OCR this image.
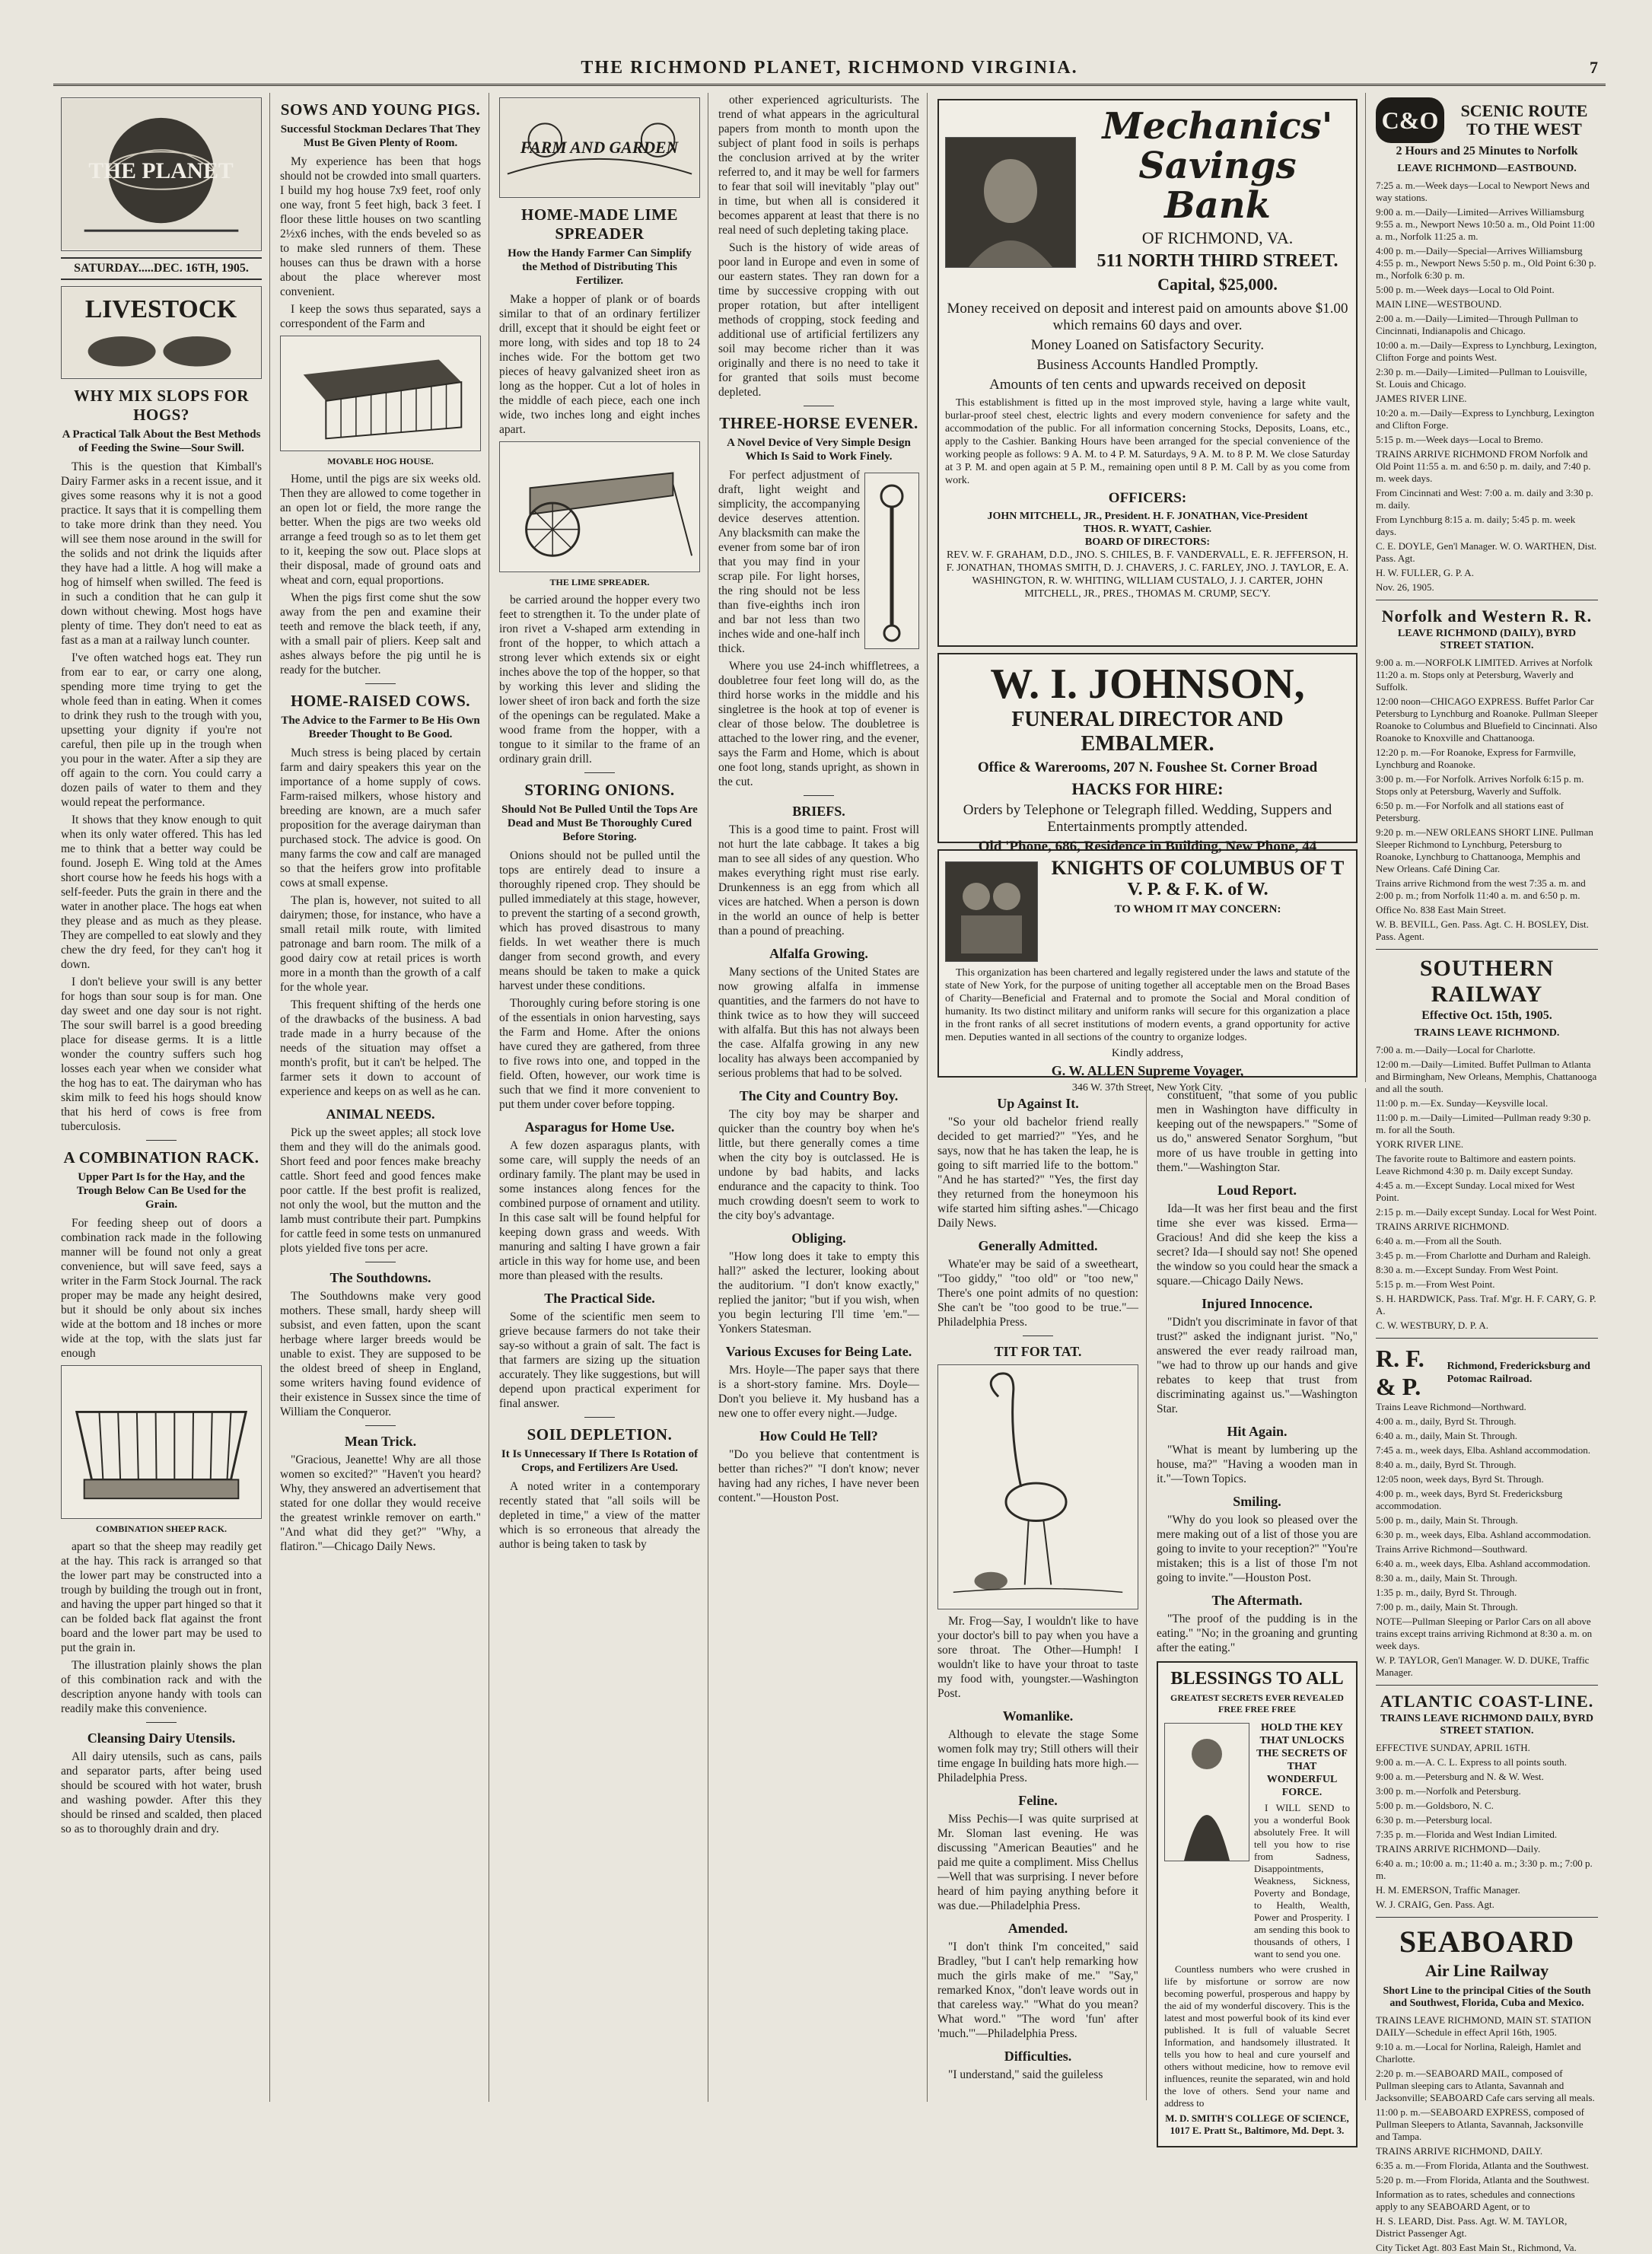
THE RICHMOND PLANET, RICHMOND VIRGINIA.	7
THE PLANET
SATURDAY.....DEC. 16TH, 1905.
LIVESTOCK
WHY MIX SLOPS FOR HOGS?
A Practical Talk About the Best Methods of Feeding the Swine—Sour Swill.

This is the question that Kimball's Dairy Farmer asks in a recent issue, and it gives some reasons why it is not a good practice. It says that it is compelling them to take more drink than they need. You will see them nose around in the swill for the solids and not drink the liquids after they have had a little. A hog will make a hog of himself when swilled. The feed is in such a condition that he can gulp it down without chewing. Most hogs have plenty of time. They don't need to eat as fast as a man at a railway lunch counter.

I've often watched hogs eat. They run from ear to ear, or carry one along, spending more time trying to get the whole feed than in eating. When it comes to drink they rush to the trough with you, upsetting your dignity if you're not careful, then pile up in the trough when you pour in the water. After a sip they are off again to the corn. You could carry a dozen pails of water to them and they would repeat the performance.

It shows that they know enough to quit when its only water offered. This has led me to think that a better way could be found. Joseph E. Wing told at the Ames short course how he feeds his hogs with a self-feeder. Puts the grain in there and the water in another place. The hogs eat when they please and as much as they please. They are compelled to eat slowly and they chew the dry feed, for they can't hog it down.

I don't believe your swill is any better for hogs than sour soup is for man. One day sweet and one day sour is not right. The sour swill barrel is a good breeding place for disease germs. It is a little wonder the country suffers such hog losses each year when we consider what the hog has to eat. The dairyman who has skim milk to feed his hogs should know that his herd of cows is free from tuberculosis.

A COMBINATION RACK.
Upper Part Is for the Hay, and the Trough Below Can Be Used for the Grain.

For feeding sheep out of doors a combination rack made in the following manner will be found not only a great convenience, but will save feed, says a writer in the Farm Stock Journal. The rack proper may be made any height desired, but it should be only about six inches wide at the bottom and 18 inches or more wide at the top, with the slats just far enough

COMBINATION SHEEP RACK.

apart so that the sheep may readily get at the hay. This rack is arranged so that the lower part may be constructed into a trough by building the trough out in front, and having the upper part hinged so that it can be folded back flat against the front board and the lower part may be used to put the grain in.

The illustration plainly shows the plan of this combination rack and with the description anyone handy with tools can readily make this convenience.

Cleansing Dairy Utensils.

All dairy utensils, such as cans, pails and separator parts, after being used should be scoured with hot water, brush and washing powder. After this they should be rinsed and scalded, then placed so as to thoroughly drain and dry.

SOWS AND YOUNG PIGS.
Successful Stockman Declares That They Must Be Given Plenty of Room.

My experience has been that hogs should not be crowded into small quarters. I build my hog house 7x9 feet, roof only one way, front 5 feet high, back 3 feet. I floor these little houses on two scantling 2½x6 inches, with the ends beveled so as to make sled runners of them. These houses can thus be drawn with a horse about the place wherever most convenient.

I keep the sows thus separated, says a correspondent of the Farm and

MOVABLE HOG HOUSE.

Home, until the pigs are six weeks old. Then they are allowed to come together in an open lot or field, the more range the better. When the pigs are two weeks old arrange a feed trough so as to let them get to it, keeping the sow out. Place slops at their disposal, made of ground oats and wheat and corn, equal proportions.

When the pigs first come shut the sow away from the pen and examine their teeth and remove the black teeth, if any, with a small pair of pliers. Keep salt and ashes always before the pig until he is ready for the butcher.

HOME-RAISED COWS.
The Advice to the Farmer to Be His Own Breeder Thought to Be Good.

Much stress is being placed by certain farm and dairy speakers this year on the importance of a home supply of cows. Farm-raised milkers, whose history and breeding are known, are a much safer proposition for the average dairyman than purchased stock. The advice is good. On many farms the cow and calf are managed so that the heifers grow into profitable cows at small expense.

The plan is, however, not suited to all dairymen; those, for instance, who have a small retail milk route, with limited patronage and barn room. The milk of a good dairy cow at retail prices is worth more in a month than the growth of a calf for the whole year.

This frequent shifting of the herds one of the drawbacks of the business. A bad trade made in a hurry because of the needs of the situation may offset a month's profit, but it can't be helped. The farmer sets it down to account of experience and keeps on as well as he can.

ANIMAL NEEDS.

Pick up the sweet apples; all stock love them and they will do the animals good. Short feed and poor fences make breachy cattle. Short feed and good fences make poor cattle. If the best profit is realized, not only the wool, but the mutton and the lamb must contribute their part. Pumpkins for cattle feed in some tests on unmanured plots yielded five tons per acre.

The Southdowns.

The Southdowns make very good mothers. These small, hardy sheep will subsist, and even fatten, upon the scant herbage where larger breeds would be unable to exist. They are supposed to be the oldest breed of sheep in England, some writers having found evidence of their existence in Sussex since the time of William the Conqueror.

Mean Trick.

"Gracious, Jeanette! Why are all those women so excited?" "Haven't you heard? Why, they answered an advertisement that stated for one dollar they would receive the greatest wrinkle remover on earth." "And what did they get?" "Why, a flatiron."—Chicago Daily News.

FARM AND GARDEN
HOME-MADE LIME SPREADER
How the Handy Farmer Can Simplify the Method of Distributing This Fertilizer.

Make a hopper of plank or of boards similar to that of an ordinary fertilizer drill, except that it should be eight feet or more long, with sides and top 18 to 24 inches wide. For the bottom get two pieces of heavy galvanized sheet iron as long as the hopper. Cut a lot of holes in the middle of each piece, each one inch wide, two inches long and eight inches apart.

THE LIME SPREADER.

be carried around the hopper every two feet to strengthen it. To the under plate of iron rivet a V-shaped arm extending in front of the hopper, to which attach a strong lever which extends six or eight inches above the top of the hopper, so that by working this lever and sliding the lower sheet of iron back and forth the size of the openings can be regulated. Make a wood frame from the hopper, with a tongue to it similar to the frame of an ordinary grain drill.

STORING ONIONS.
Should Not Be Pulled Until the Tops Are Dead and Must Be Thoroughly Cured Before Storing.

Onions should not be pulled until the tops are entirely dead to insure a thoroughly ripened crop. They should be pulled immediately at this stage, however, to prevent the starting of a second growth, which has proved disastrous to many fields. In wet weather there is much danger from second growth, and every means should be taken to make a quick harvest under these conditions.

Thoroughly curing before storing is one of the essentials in onion harvesting, says the Farm and Home. After the onions have cured they are gathered, from three to five rows into one, and topped in the field. Often, however, our work time is such that we find it more convenient to put them under cover before topping.

Asparagus for Home Use.

A few dozen asparagus plants, with some care, will supply the needs of an ordinary family. The plant may be used in some instances along fences for the combined purpose of ornament and utility. In this case salt will be found helpful for keeping down grass and weeds. With manuring and salting I have grown a fair article in this way for home use, and been more than pleased with the results.

The Practical Side.

Some of the scientific men seem to grieve because farmers do not take their say-so without a grain of salt. The fact is that farmers are sizing up the situation accurately. They like suggestions, but will depend upon practical experiment for final answer.

SOIL DEPLETION.
It Is Unnecessary If There Is Rotation of Crops, and Fertilizers Are Used.

A noted writer in a contemporary recently stated that "all soils will be depleted in time," a view of the matter which is so erroneous that already the author is being taken to task by

other experienced agriculturists. The trend of what appears in the agricultural papers from month to month upon the subject of plant food in soils is perhaps the conclusion arrived at by the writer referred to, and it may be well for farmers to fear that soil will inevitably "play out" in time, but when all is considered it becomes apparent at least that there is no real need of such depleting taking place.

Such is the history of wide areas of poor land in Europe and even in some of our eastern states. They ran down for a time by successive cropping with out proper rotation, but after intelligent methods of cropping, stock feeding and additional use of artificial fertilizers any soil may become richer than it was originally and there is no need to take it for granted that soils must become depleted.

THREE-HORSE EVENER.
A Novel Device of Very Simple Design Which Is Said to Work Finely.

For perfect adjustment of draft, light weight and simplicity, the accompanying device deserves attention. Any blacksmith can make the evener from some bar of iron that you may find in your scrap pile. For light horses, the ring should not be less than five-eighths inch iron and bar not less than two inches wide and one-half inch thick.

Where you use 24-inch whiffletrees, a doubletree four feet long will do, as the third horse works in the middle and his singletree is the hook at top of evener is clear of those below. The doubletree is attached to the lower ring, and the evener, says the Farm and Home, which is about one foot long, stands upright, as shown in the cut.

BRIEFS.

This is a good time to paint. Frost will not hurt the late cabbage. It takes a big man to see all sides of any question. Who makes everything right must rise early. Drunkenness is an egg from which all vices are hatched. When a person is down in the world an ounce of help is better than a pound of preaching.

Alfalfa Growing.

Many sections of the United States are now growing alfalfa in immense quantities, and the farmers do not have to think twice as to how they will succeed with alfalfa. But this has not always been the case. Alfalfa growing in any new locality has always been accompanied by serious problems that had to be solved.

The City and Country Boy.

The city boy may be sharper and quicker than the country boy when he's little, but there generally comes a time when the city boy is outclassed. He is undone by bad habits, and lacks endurance and the capacity to think. Too much crowding doesn't seem to work to the city boy's advantage.

Obliging.

"How long does it take to empty this hall?" asked the lecturer, looking about the auditorium. "I don't know exactly," replied the janitor; "but if you wish, when you begin lecturing I'll time 'em."—Yonkers Statesman.

Various Excuses for Being Late.

Mrs. Hoyle—The paper says that there is a short-story famine. Mrs. Doyle—Don't you believe it. My husband has a new one to offer every night.—Judge.

How Could He Tell?

"Do you believe that contentment is better than riches?" "I don't know; never having had any riches, I have never been content."—Houston Post.

Mechanics'
Savings Bank
OF RICHMOND, VA.
511 NORTH THIRD STREET.
Capital, $25,000.
Money received on deposit and interest paid on amounts above $1.00 which remains 60 days and over.
Money Loaned on Satisfactory Security.
Business Accounts Handled Promptly.
Amounts of ten cents and upwards received on deposit

This establishment is fitted up in the most improved style, having a large white vault, burlar-proof steel chest, electric lights and every modern convenience for safety and the accommodation of the public. For all information concerning Stocks, Deposits, Loans, etc., apply to the Cashier. Banking Hours have been arranged for the special convenience of the working people as follows: 9 A. M. to 4 P. M. Saturdays, 9 A. M. to 8 P. M. We close Saturday at 3 P. M. and open again at 5 P. M., remaining open until 8 P. M. Call by as you come from work.

OFFICERS:
JOHN MITCHELL, JR., President. H. F. JONATHAN, Vice-President
THOS. R. WYATT, Cashier.
BOARD OF DIRECTORS:
REV. W. F. GRAHAM, D.D., JNO. S. CHILES, B. F. VANDERVALL, E. R. JEFFERSON, H. F. JONATHAN, THOMAS SMITH, D. J. CHAVERS, J. C. FARLEY, JNO. J. TAYLOR, E. A. WASHINGTON, R. W. WHITING, WILLIAM CUSTALO, J. J. CARTER, JOHN MITCHELL, JR., PRES., THOMAS M. CRUMP, SEC'Y.
W. I. JOHNSON,
FUNERAL DIRECTOR AND EMBALMER.
Office & Warerooms, 207 N. Foushee St. Corner Broad
HACKS FOR HIRE:
Orders by Telephone or Telegraph filled. Wedding, Suppers and Entertainments promptly attended.
Old 'Phone, 686, Residence in Building, New Phone, 44
KNIGHTS OF COLUMBUS OF T
V. P. & F. K. of W.
TO WHOM IT MAY CONCERN:

This organization has been chartered and legally registered under the laws and statute of the state of New York, for the purpose of uniting together all acceptable men on the Broad Bases of Charity—Beneficial and Fraternal and to promote the Social and Moral condition of humanity. Its two distinct military and uniform ranks will secure for this organization a place in the front ranks of all secret institutions of modern events, a grand opportunity for active men. Deputies wanted in all sections of the country to organize lodges.

Kindly address,
G. W. ALLEN Supreme Voyager,
346 W. 37th Street, New York City.
Up Against It.

"So your old bachelor friend really decided to get married?" "Yes, and he says, now that he has taken the leap, he is going to sift married life to the bottom." "And he has started?" "Yes, the first day they returned from the honeymoon his wife started him sifting ashes."—Chicago Daily News.

Generally Admitted.

Whate'er may be said of a sweetheart, "Too giddy," "too old" or "too new," There's one point admits of no question: She can't be "too good to be true."—Philadelphia Press.

TIT FOR TAT.

Mr. Frog—Say, I wouldn't like to have your doctor's bill to pay when you have a sore throat. The Other—Humph! I wouldn't like to have your throat to taste my food with, youngster.—Washington Post.

Womanlike.

Although to elevate the stage Some women folk may try; Still others will their time engage In building hats more high.—Philadelphia Press.

Feline.

Miss Pechis—I was quite surprised at Mr. Sloman last evening. He was discussing "American Beauties" and he paid me quite a compliment. Miss Chellus—Well that was surprising. I never before heard of him paying anything before it was due.—Philadelphia Press.

Amended.

"I don't think I'm conceited," said Bradley, "but I can't help remarking how much the girls make of me." "Say," remarked Knox, "don't leave words out in that careless way." "What do you mean? What word." "The word 'fun' after 'much.'"—Philadelphia Press.

Difficulties.

"I understand," said the guileless

constituent, "that some of you public men in Washington have difficulty in keeping out of the newspapers." "Some of us do," answered Senator Sorghum, "but more of us have trouble in getting into them."—Washington Star.

Loud Report.

Ida—It was her first beau and the first time she ever was kissed. Erma—Gracious! And did she keep the kiss a secret? Ida—I should say not! She opened the window so you could hear the smack a square.—Chicago Daily News.

Injured Innocence.

"Didn't you discriminate in favor of that trust?" asked the indignant jurist. "No," answered the ever ready railroad man, "we had to throw up our hands and give rebates to keep that trust from discriminating against us."—Washington Star.

Hit Again.

"What is meant by lumbering up the house, ma?" "Having a wooden man in it."—Town Topics.

Smiling.

"Why do you look so pleased over the mere making out of a list of those you are going to invite to your reception?" "You're mistaken; this is a list of those I'm not going to invite."—Houston Post.

The Aftermath.

"The proof of the pudding is in the eating." "No; in the groaning and grunting after the eating."

BLESSINGS TO ALL
GREATEST SECRETS EVER REVEALED FREE FREE FREE
HOLD THE KEY THAT UNLOCKS THE SECRETS OF THAT WONDERFUL FORCE.

I WILL SEND to you a wonderful Book absolutely Free. It will tell you how to rise from Sadness, Disappointments, Weakness, Sickness, Poverty and Bondage, to Health, Wealth, Power and Prosperity. I am sending this book to thousands of others, I want to send you one.

Countless numbers who were crushed in life by misfortune or sorrow are now becoming powerful, prosperous and happy by the aid of my wonderful discovery. This is the latest and most powerful book of its kind ever published. It is full of valuable Secret Information, and handsomely illustrated. It tells you how to heal and cure yourself and others without medicine, how to remove evil influences, reunite the separated, win and hold the love of others. Send your name and address to

M. D. SMITH'S COLLEGE OF SCIENCE, 1017 E. Pratt St., Baltimore, Md. Dept. 3.
C&O	SCENIC ROUTE TO THE WEST
2 Hours and 25 Minutes to Norfolk
LEAVE RICHMOND—EASTBOUND.

7:25 a. m.—Week days—Local to Newport News and way stations.

9:00 a. m.—Daily—Limited—Arrives Williamsburg 9:55 a. m., Newport News 10:50 a. m., Old Point 11:00 a. m., Norfolk 11:25 a. m.

4:00 p. m.—Daily—Special—Arrives Williamsburg 4:55 p. m., Newport News 5:50 p. m., Old Point 6:30 p. m., Norfolk 6:30 p. m.

5:00 p. m.—Week days—Local to Old Point.

MAIN LINE—WESTBOUND.

2:00 a. m.—Daily—Limited—Through Pullman to Cincinnati, Indianapolis and Chicago.

10:00 a. m.—Daily—Express to Lynchburg, Lexington, Clifton Forge and points West.

2:30 p. m.—Daily—Limited—Pullman to Louisville, St. Louis and Chicago.

JAMES RIVER LINE.

10:20 a. m.—Daily—Express to Lynchburg, Lexington and Clifton Forge.

5:15 p. m.—Week days—Local to Bremo.

TRAINS ARRIVE RICHMOND FROM Norfolk and Old Point 11:55 a. m. and 6:50 p. m. daily, and 7:40 p. m. week days.

From Cincinnati and West: 7:00 a. m. daily and 3:30 p. m. daily.

From Lynchburg 8:15 a. m. daily; 5:45 p. m. week days.

C. E. DOYLE, Gen'l Manager. W. O. WARTHEN, Dist. Pass. Agt.

H. W. FULLER, G. P. A.

Nov. 26, 1905.

Norfolk and Western R. R.
LEAVE RICHMOND (DAILY), BYRD STREET STATION.

9:00 a. m.—NORFOLK LIMITED. Arrives at Norfolk 11:20 a. m. Stops only at Petersburg, Waverly and Suffolk.

12:00 noon—CHICAGO EXPRESS. Buffet Parlor Car Petersburg to Lynchburg and Roanoke. Pullman Sleeper Roanoke to Columbus and Bluefield to Cincinnati. Also Roanoke to Knoxville and Chattanooga.

12:20 p. m.—For Roanoke, Express for Farmville, Lynchburg and Roanoke.

3:00 p. m.—For Norfolk. Arrives Norfolk 6:15 p. m. Stops only at Petersburg, Waverly and Suffolk.

6:50 p. m.—For Norfolk and all stations east of Petersburg.

9:20 p. m.—NEW ORLEANS SHORT LINE. Pullman Sleeper Richmond to Lynchburg, Petersburg to Roanoke, Lynchburg to Chattanooga, Memphis and New Orleans. Café Dining Car.

Trains arrive Richmond from the west 7:35 a. m. and 2:00 p. m.; from Norfolk 11:40 a. m. and 6:50 p. m.

Office No. 838 East Main Street.

W. B. BEVILL, Gen. Pass. Agt. C. H. BOSLEY, Dist. Pass. Agent.

SOUTHERN RAILWAY
Effective Oct. 15th, 1905.
TRAINS LEAVE RICHMOND.

7:00 a. m.—Daily—Local for Charlotte.

12:00 m.—Daily—Limited. Buffet Pullman to Atlanta and Birmingham, New Orleans, Memphis, Chattanooga and all the south.

11:00 p. m.—Ex. Sunday—Keysville local.

11:00 p. m.—Daily—Limited—Pullman ready 9:30 p. m. for all the South.

YORK RIVER LINE.

The favorite route to Baltimore and eastern points. Leave Richmond 4:30 p. m. Daily except Sunday.

4:45 a. m.—Except Sunday. Local mixed for West Point.

2:15 p. m.—Daily except Sunday. Local for West Point.

TRAINS ARRIVE RICHMOND.

6:40 a. m.—From all the South.

3:45 p. m.—From Charlotte and Durham and Raleigh.

8:30 a. m.—Except Sunday. From West Point.

5:15 p. m.—From West Point.

S. H. HARDWICK, Pass. Traf. M'gr. H. F. CARY, G. P. A.

C. W. WESTBURY, D. P. A.

R. F. & P.
Richmond, Fredericksburg and Potomac Railroad.

Trains Leave Richmond—Northward.

4:00 a. m., daily, Byrd St. Through.

6:40 a. m., daily, Main St. Through.

7:45 a. m., week days, Elba. Ashland accommodation.

8:40 a. m., daily, Byrd St. Through.

12:05 noon, week days, Byrd St. Through.

4:00 p. m., week days, Byrd St. Fredericksburg accommodation.

5:00 p. m., daily, Main St. Through.

6:30 p. m., week days, Elba. Ashland accommodation.

Trains Arrive Richmond—Southward.

6:40 a. m., week days, Elba. Ashland accommodation.

8:30 a. m., daily, Main St. Through.

1:35 p. m., daily, Byrd St. Through.

7:00 p. m., daily, Main St. Through.

NOTE—Pullman Sleeping or Parlor Cars on all above trains except trains arriving Richmond at 8:30 a. m. on week days.

W. P. TAYLOR, Gen'l Manager. W. D. DUKE, Traffic Manager.

ATLANTIC COAST-LINE.
TRAINS LEAVE RICHMOND DAILY, BYRD STREET STATION.

EFFECTIVE SUNDAY, APRIL 16TH.

9:00 a. m.—A. C. L. Express to all points south.

9:00 a. m.—Petersburg and N. & W. West.

3:00 p. m.—Norfolk and Petersburg.

5:00 p. m.—Goldsboro, N. C.

6:30 p. m.—Petersburg local.

7:35 p. m.—Florida and West Indian Limited.

TRAINS ARRIVE RICHMOND—Daily.

6:40 a. m.; 10:00 a. m.; 11:40 a. m.; 3:30 p. m.; 7:00 p. m.

H. M. EMERSON, Traffic Manager.

W. J. CRAIG, Gen. Pass. Agt.

SEABOARD
Air Line Railway
Short Line to the principal Cities of the South and Southwest, Florida, Cuba and Mexico.

TRAINS LEAVE RICHMOND, MAIN ST. STATION DAILY—Schedule in effect April 16th, 1905.

9:10 a. m.—Local for Norlina, Raleigh, Hamlet and Charlotte.

2:20 p. m.—SEABOARD MAIL, composed of Pullman sleeping cars to Atlanta, Savannah and Jacksonville; SEABOARD Cafe cars serving all meals.

11:00 p. m.—SEABOARD EXPRESS, composed of Pullman Sleepers to Atlanta, Savannah, Jacksonville and Tampa.

TRAINS ARRIVE RICHMOND, DAILY.

6:35 a. m.—From Florida, Atlanta and the Southwest.

5:20 p. m.—From Florida, Atlanta and the Southwest.

Information as to rates, schedules and connections apply to any SEABOARD Agent, or to

H. S. LEARD, Dist. Pass. Agt. W. M. TAYLOR, District Passenger Agt.

City Ticket Agt. 803 East Main St., Richmond, Va.
